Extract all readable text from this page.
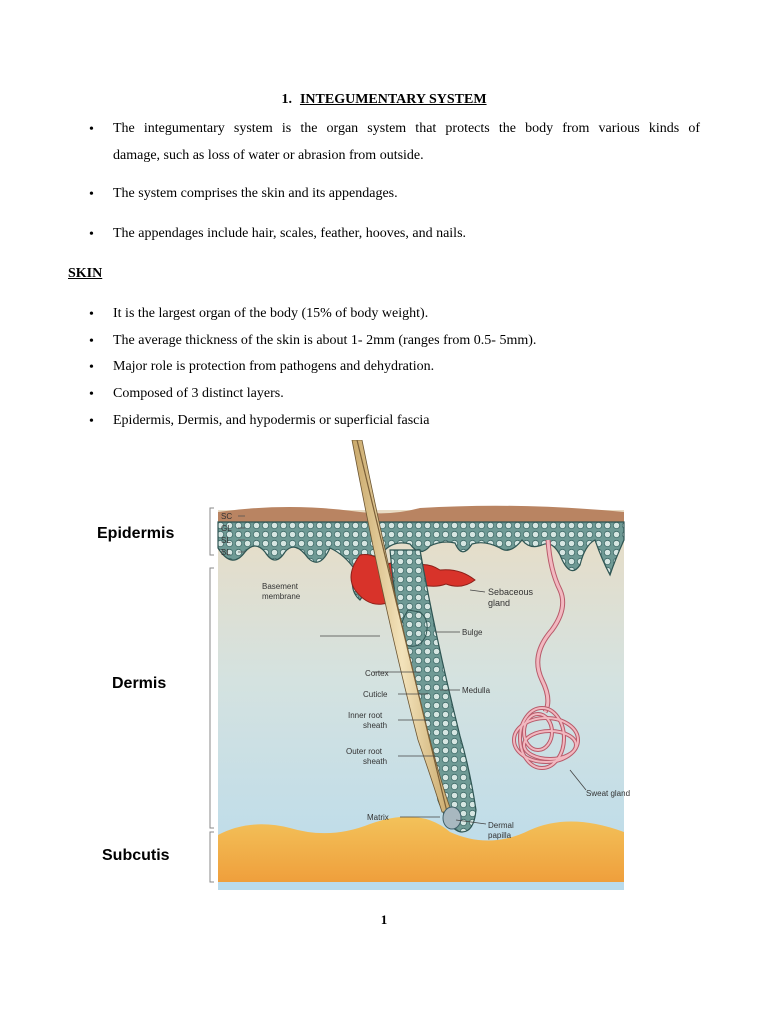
1. INTEGUMENTARY SYSTEM
• The integumentary system is the organ system that protects the body from various kinds of
damage, such as loss of water or abrasion from outside.
• The system comprises the skin and its appendages.
• The appendages include hair, scales, feather, hooves, and nails.
SKIN
• It is the largest organ of the body (15% of body weight).
• The average thickness of the skin is about 1- 2mm (ranges from 0.5- 5mm).
• Major role is protection from pathogens and dehydration.
• Composed of 3 distinct layers.
• Epidermis, Dermis, and hypodermis or superficial fascia
Epidermis
Dermis
Subcutis
SC
GL
SL
BL
Basement
membrane	Sebaceous
gland
Bulge
Cortex
Cuticle	Medulla
Inner root
sheath
Outer root
sheath
Sweat gland
Matrix
Dermal
papilla
1
